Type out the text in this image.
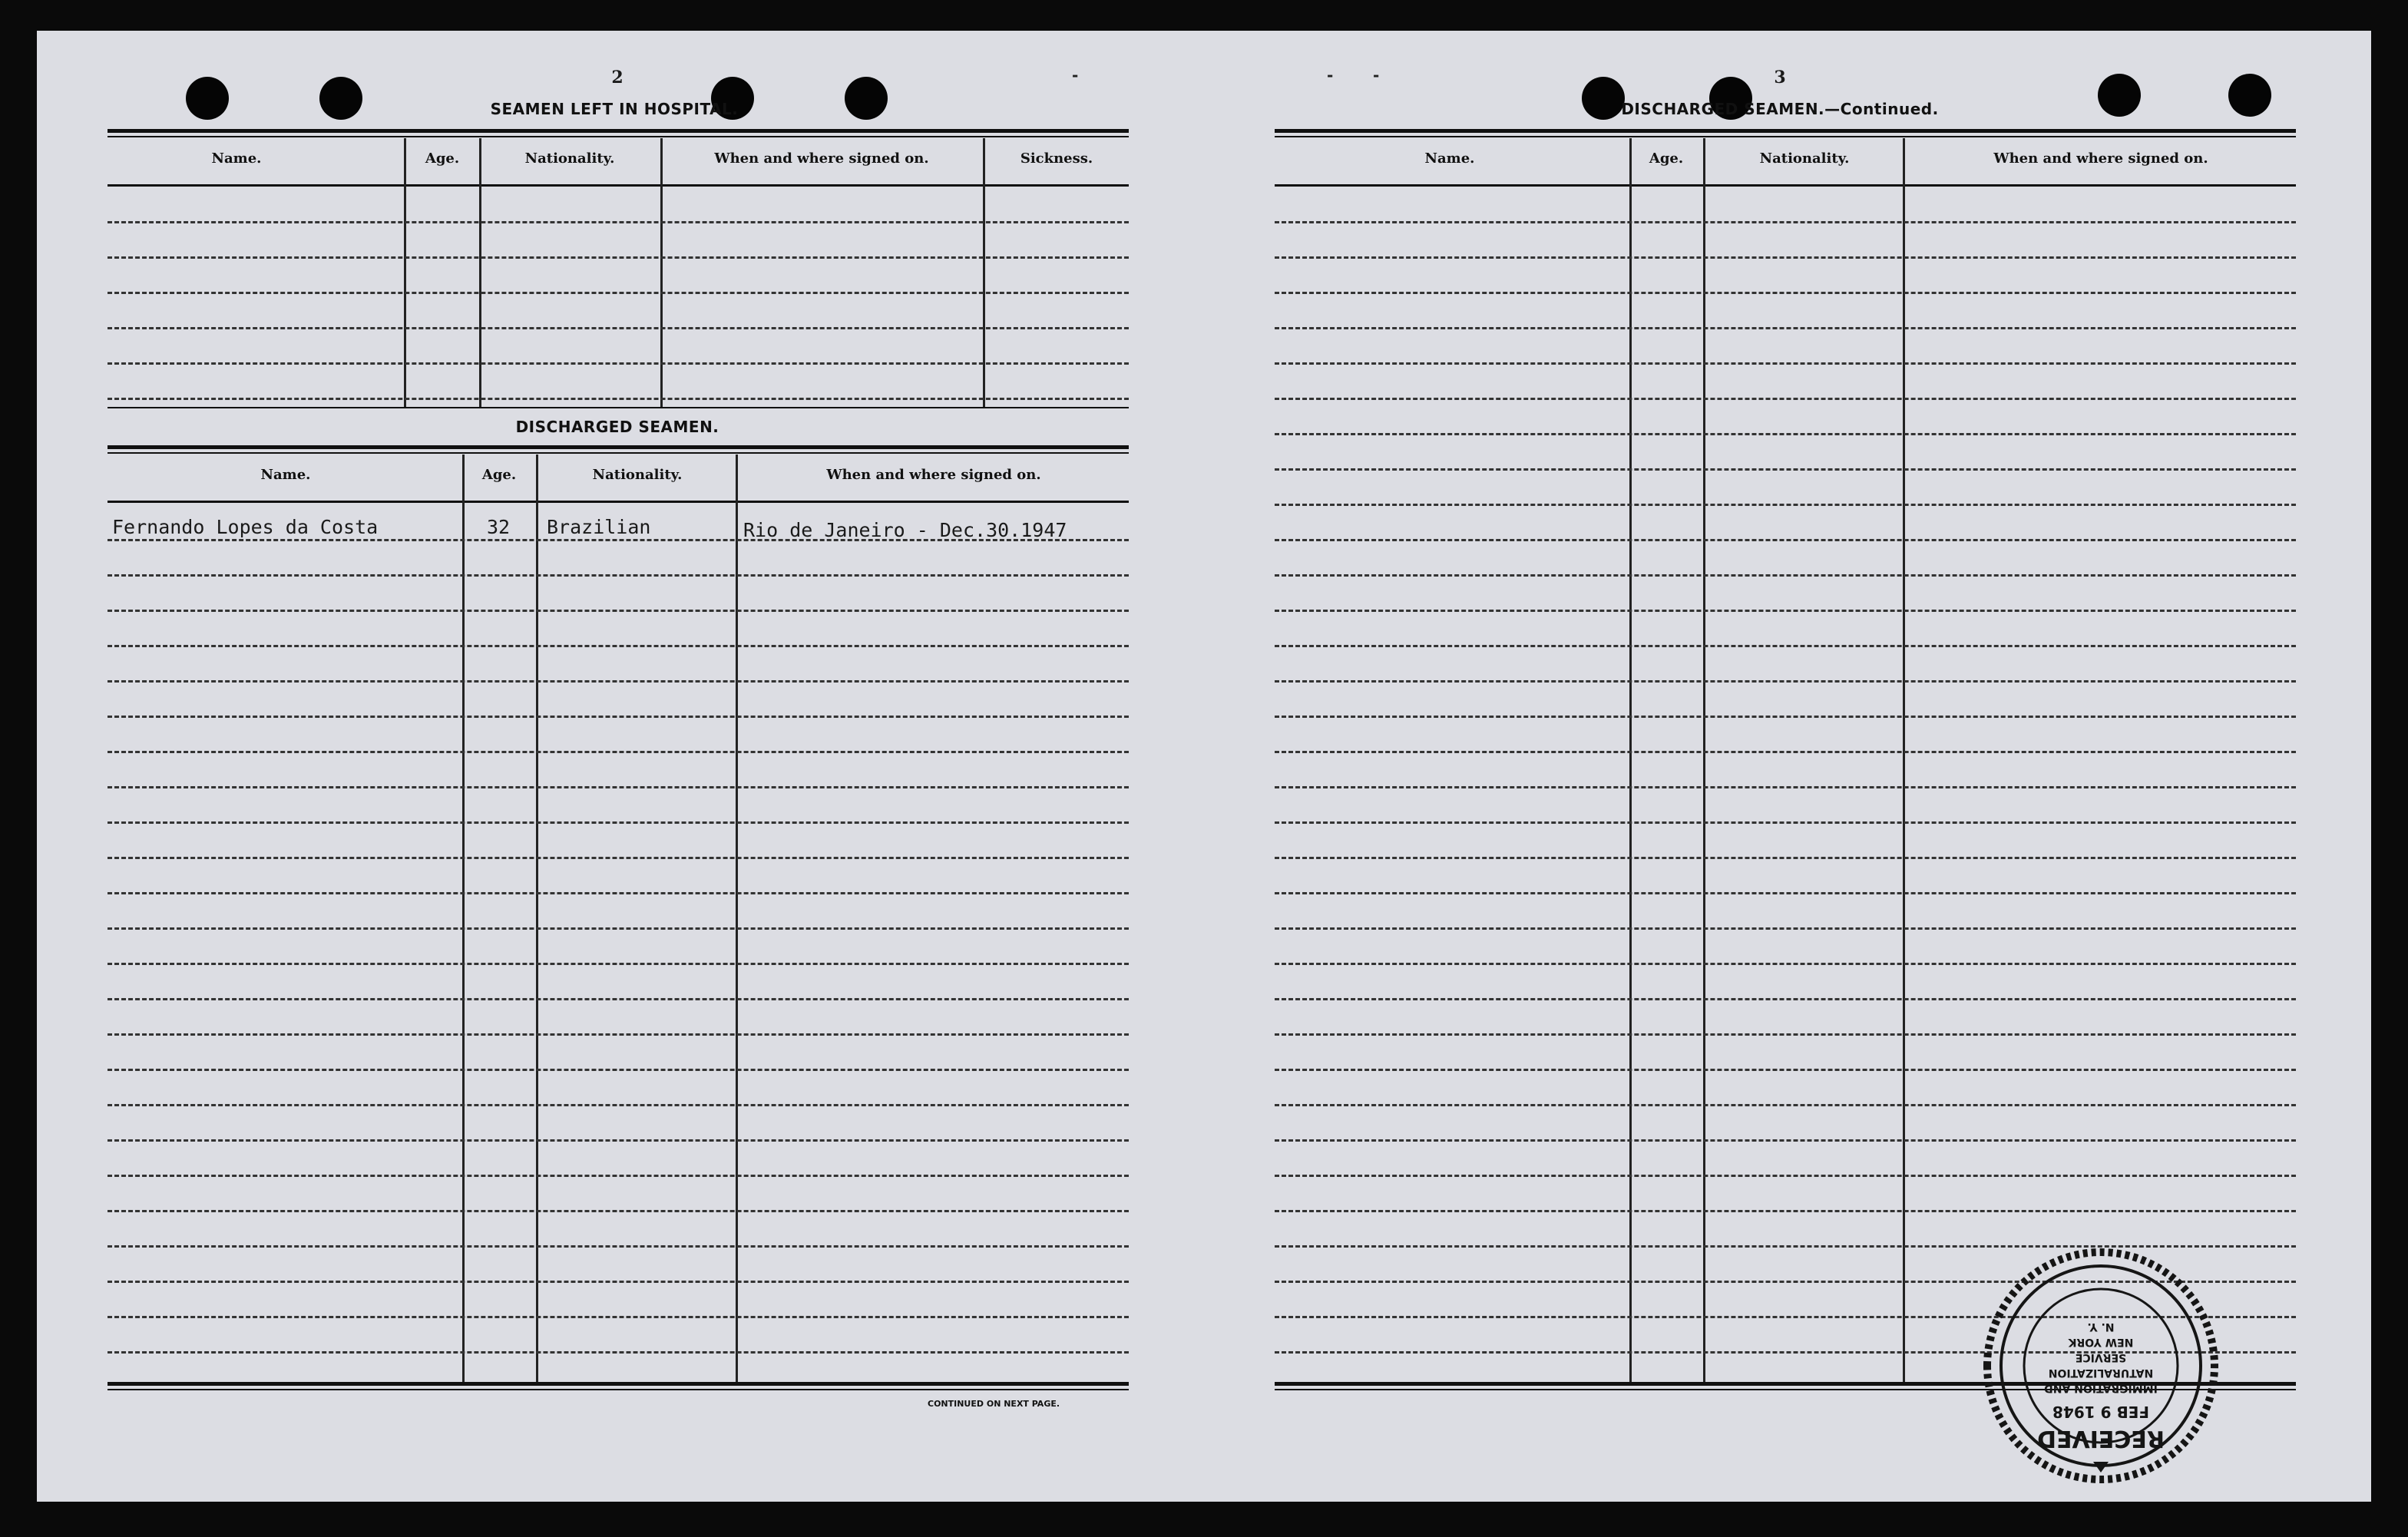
-	-	-
2
SEAMEN LEFT IN HOSPITAL.
Name.	Age.	Nationality.	When and where signed on.	Sickness.
DISCHARGED SEAMEN.
Name.	Age.	Nationality.	When and where signed on.
Fernando Lopes da Costa	32 Brazilian	Rio de Janeiro - Dec.30.1947
CONTINUED ON NEXT PAGE.
3
DISCHARGED SEAMEN.—Continued.
Name.	Age.	Nationality.	When and where signed on.
RECEIVED
FEB 9 1948
IMMIGRATION AND
NATURALIZATION
SERVICE
NEW YORK
N. Y.
